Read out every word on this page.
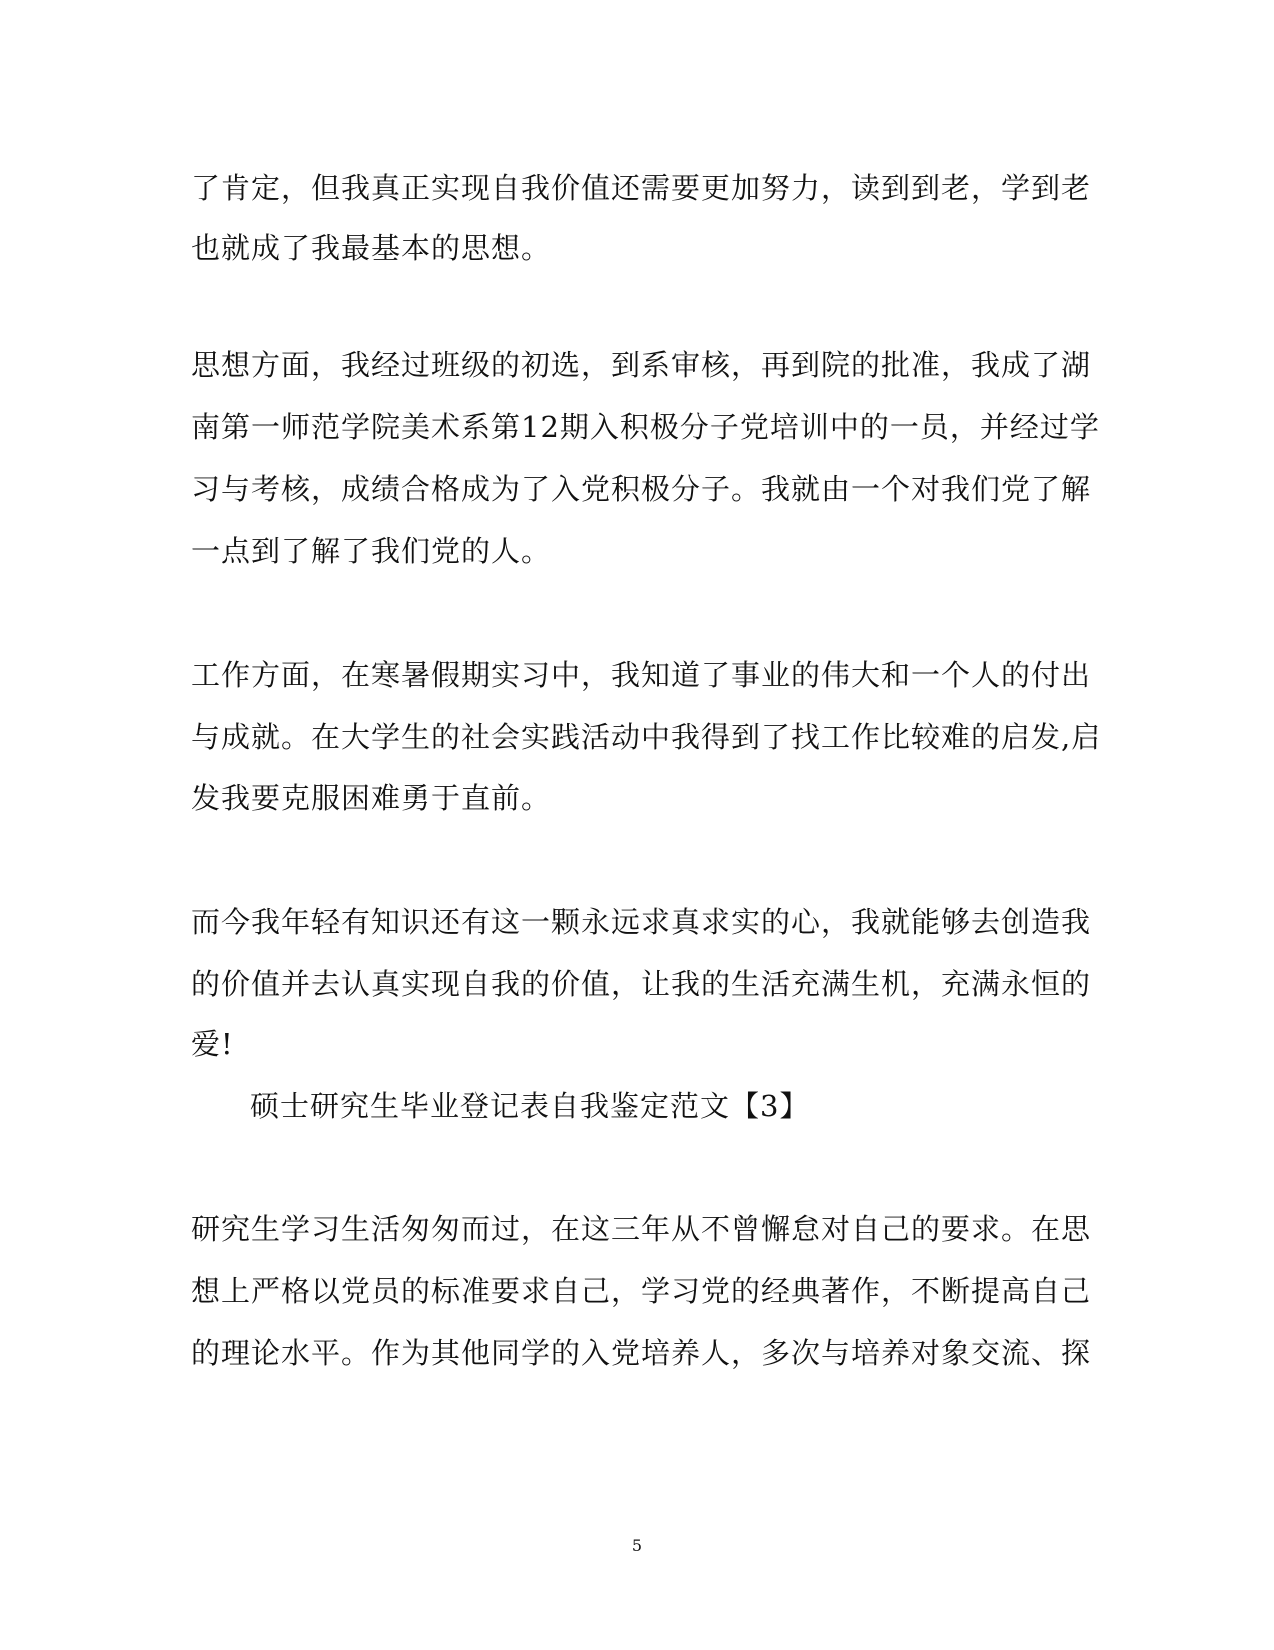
了肯定，但我真正实现自我价值还需要更加努力，读到到老，学到老
也就成了我最基本的思想。
思想方面，我经过班级的初选，到系审核，再到院的批准，我成了湖
南第一师范学院美术系第12期入积极分子党培训中的一员，并经过学
习与考核，成绩合格成为了入党积极分子。我就由一个对我们党了解
一点到了解了我们党的人。
工作方面，在寒暑假期实习中，我知道了事业的伟大和一个人的付出
与成就。在大学生的社会实践活动中我得到了找工作比较难的启发,启
发我要克服困难勇于直前。
而今我年轻有知识还有这一颗永远求真求实的心，我就能够去创造我
的价值并去认真实现自我的价值，让我的生活充满生机，充满永恒的
爱!
硕士研究生毕业登记表自我鉴定范文【3】
研究生学习生活匆匆而过，在这三年从不曾懈怠对自己的要求。在思
想上严格以党员的标准要求自己，学习党的经典著作，不断提高自己
的理论水平。作为其他同学的入党培养人，多次与培养对象交流、探
5
